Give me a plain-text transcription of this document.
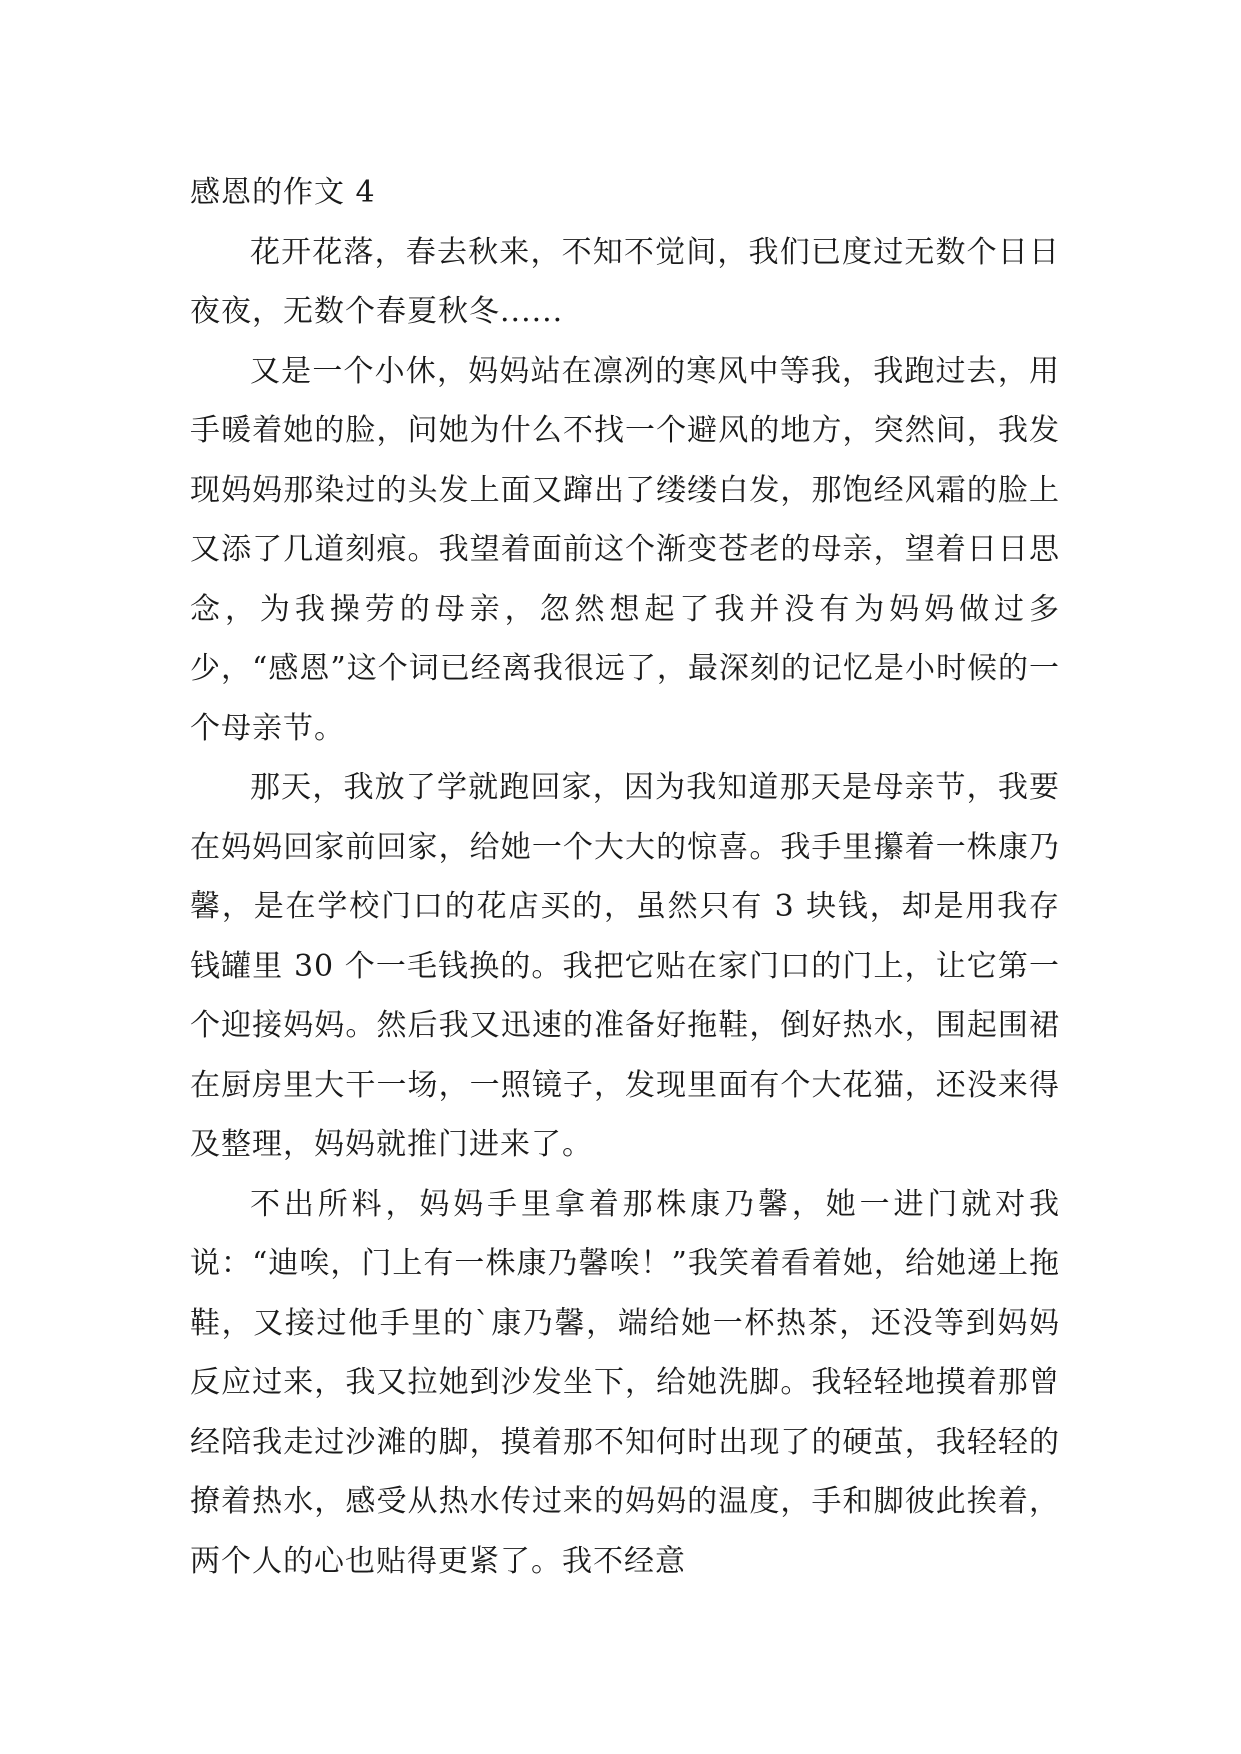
感恩的作文 4

花开花落，春去秋来，不知不觉间，我们已度过无数个日日夜夜，无数个春夏秋冬......

又是一个小休，妈妈站在凛冽的寒风中等我，我跑过去，用手暖着她的脸，问她为什么不找一个避风的地方，突然间，我发现妈妈那染过的头发上面又蹿出了缕缕白发，那饱经风霜的脸上又添了几道刻痕。我望着面前这个渐变苍老的母亲，望着日日思念，为我操劳的母亲，忽然想起了我并没有为妈妈做过多少，“感恩”这个词已经离我很远了，最深刻的记忆是小时候的一个母亲节。

那天，我放了学就跑回家，因为我知道那天是母亲节，我要在妈妈回家前回家，给她一个大大的惊喜。我手里攥着一株康乃馨，是在学校门口的花店买的，虽然只有 3 块钱，却是用我存钱罐里 30 个一毛钱换的。我把它贴在家门口的门上，让它第一个迎接妈妈。然后我又迅速的准备好拖鞋，倒好热水，围起围裙在厨房里大干一场，一照镜子，发现里面有个大花猫，还没来得及整理，妈妈就推门进来了。

不出所料，妈妈手里拿着那株康乃馨，她一进门就对我说：“迪唉，门上有一株康乃馨唉！”我笑着看着她，给她递上拖鞋，又接过他手里的`康乃馨，端给她一杯热茶，还没等到妈妈反应过来，我又拉她到沙发坐下，给她洗脚。我轻轻地摸着那曾经陪我走过沙滩的脚，摸着那不知何时出现了的硬茧，我轻轻的撩着热水，感受从热水传过来的妈妈的温度，手和脚彼此挨着，两个人的心也贴得更紧了。我不经意
